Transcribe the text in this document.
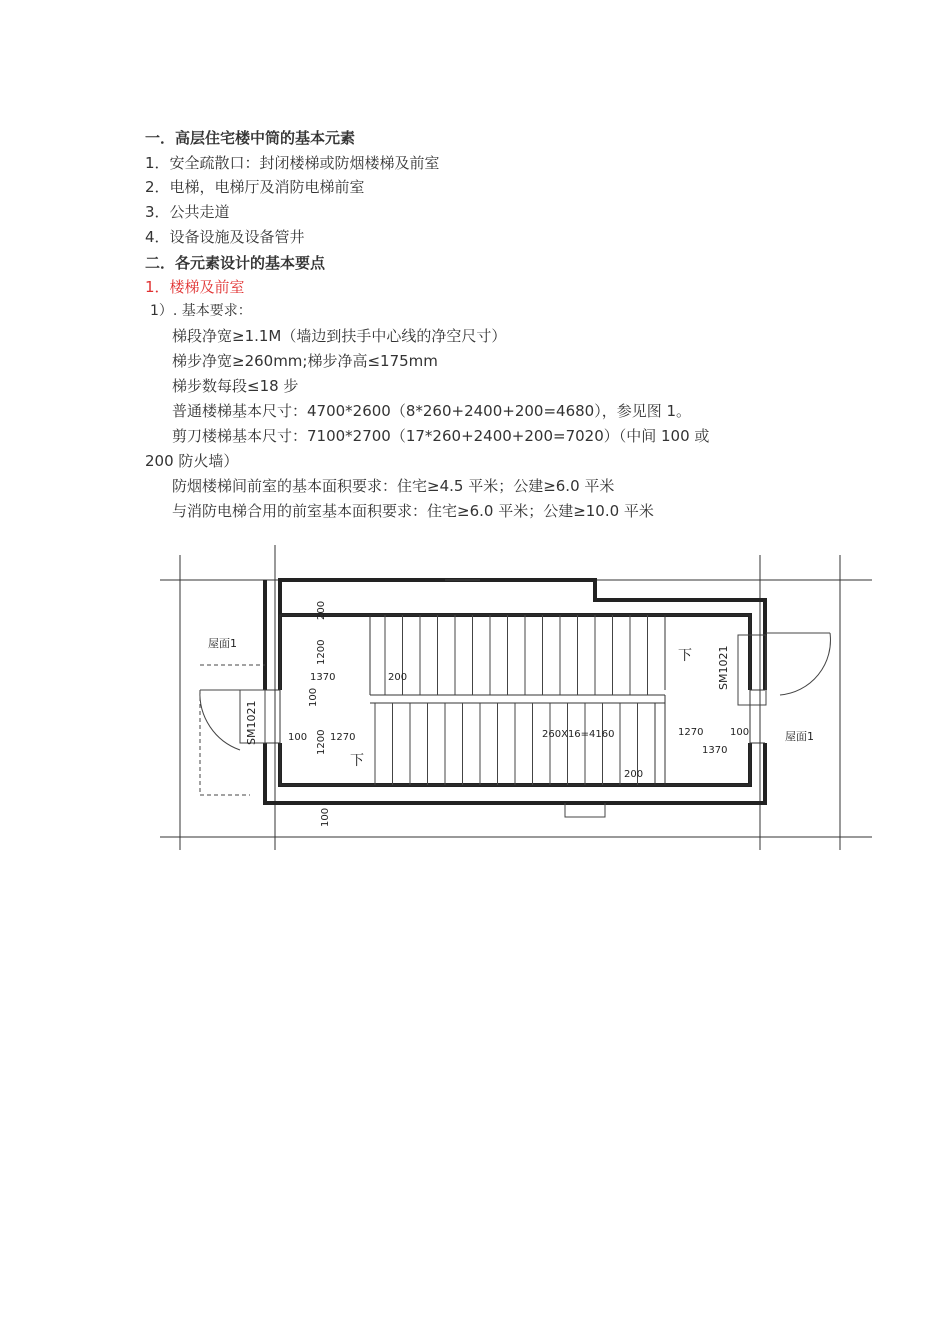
一．高层住宅楼中筒的基本元素
1．安全疏散口：封闭楼梯或防烟楼梯及前室
2．电梯，电梯厅及消防电梯前室
3．公共走道
4．设备设施及设备管井
二．各元素设计的基本要点
1．楼梯及前室
1）. 基本要求：
梯段净宽≥1.1M（墙边到扶手中心线的净空尺寸）
梯步净宽≥260mm;梯步净高≤175mm
梯步数每段≤18 步
普通楼梯基本尺寸：4700*2600（8*260+2400+200=4680），参见图 1。
剪刀楼梯基本尺寸：7100*2700（17*260+2400+200=7020）（中间 100 或
200 防火墙）
防烟楼梯间前室的基本面积要求：住宅≥4.5 平米；公建≥6.0 平米
与消防电梯合用的前室基本面积要求：住宅≥6.0 平米；公建≥10.0 平米
屋面1
屋面1
SM1021
SM1021
下
下
200
1200
1370	200
100
100 1270
1200
100
260X16=4160	1270	100
1370
200
